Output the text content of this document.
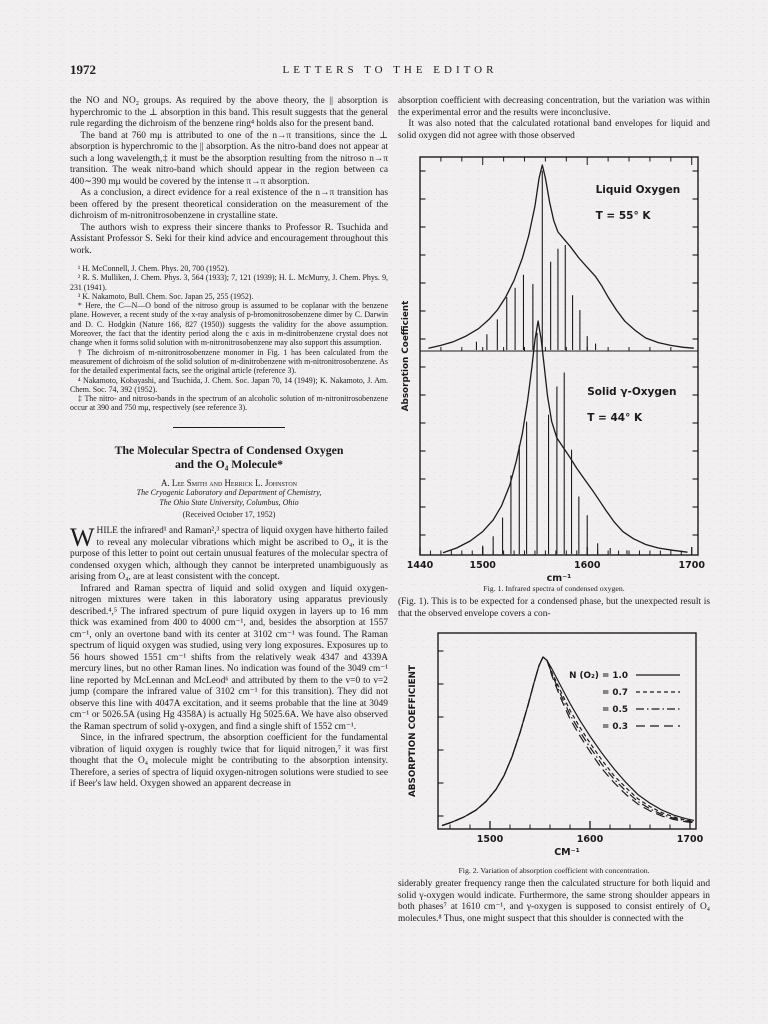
1972	LETTERS TO THE EDITOR

the NO and NO₂ groups. As required by the above theory, the || absorption is hyperchromic to the ⊥ absorption in this band. This result suggests that the general rule regarding the dichroism of the benzene ring⁴ holds also for the present band.

The band at 760 mμ is attributed to one of the n→π transitions, since the ⊥ absorption is hyperchromic to the || absorption. As the nitro-band does not appear at such a long wavelength,‡ it must be the absorption resulting from the nitroso n→π transition. The weak nitro-band which should appear in the region between ca 400∼390 mμ would be covered by the intense π→π absorption.

As a conclusion, a direct evidence for a real existence of the n→π transition has been offered by the present theoretical consideration on the measurement of the dichroism of m-nitronitrosobenzene in crystalline state.

The authors wish to express their sincere thanks to Professor R. Tsuchida and Assistant Professor S. Seki for their kind advice and encouragement throughout this work.

¹ H. McConnell, J. Chem. Phys. 20, 700 (1952).

² R. S. Mulliken, J. Chem. Phys. 3, 564 (1933); 7, 121 (1939); H. L. McMurry, J. Chem. Phys. 9, 231 (1941).

³ K. Nakamoto, Bull. Chem. Soc. Japan 25, 255 (1952).

* Here, the C—N—O bond of the nitroso group is assumed to be coplanar with the benzene plane. However, a recent study of the x-ray analysis of p-bromonitrosobenzene dimer by C. Darwin and D. C. Hodgkin (Nature 166, 827 (1950)) suggests the validity for the above assumption. Moreover, the fact that the identity period along the c axis in m-dinitrobenzene crystal does not change when it forms solid solution with m-nitronitrosobenzene may also support this assumption.

† The dichroism of m-nitronitrosobenzene monomer in Fig. 1 has been calculated from the measurement of dichroism of the solid solution of m-dinitrobenzene with m-nitronitrosobenzene. As for the detailed experimental facts, see the original article (reference 3).

⁴ Nakamoto, Kobayashi, and Tsuchida, J. Chem. Soc. Japan 70, 14 (1949); K. Nakamoto, J. Am. Chem. Soc. 74, 392 (1952).

‡ The nitro- and nitroso-bands in the spectrum of an alcoholic solution of m-nitronitrosobenzene occur at 390 and 750 mμ, respectively (see reference 3).

The Molecular Spectra of Condensed Oxygen
and the O₄ Molecule*
A. Lee Smith and Herrick L. Johnston
The Cryogenic Laboratory and Department of Chemistry,
The Ohio State University, Columbus, Ohio
(Received October 17, 1952)

WHILE the infrared¹ and Raman²,³ spectra of liquid oxygen have hitherto failed to reveal any molecular vibrations which might be ascribed to O₄, it is the purpose of this letter to point out certain unusual features of the molecular spectra of condensed oxygen which, although they cannot be interpreted unambiguously as arising from O₄, are at least consistent with the concept.

Infrared and Raman spectra of liquid and solid oxygen and liquid oxygen-nitrogen mixtures were taken in this laboratory using apparatus previously described.⁴,⁵ The infrared spectrum of pure liquid oxygen in layers up to 16 mm thick was examined from 400 to 4000 cm⁻¹, and, besides the absorption at 1557 cm⁻¹, only an overtone band with its center at 3102 cm⁻¹ was found. The Raman spectrum of liquid oxygen was studied, using very long exposures. Exposures up to 56 hours showed 1551 cm⁻¹ shifts from the relatively weak 4347 and 4339A mercury lines, but no other Raman lines. No indication was found of the 3049 cm⁻¹ line reported by McLennan and McLeod⁶ and attributed by them to the v=0 to v=2 jump (compare the infrared value of 3102 cm⁻¹ for this transition). They did not observe this line with 4047A excitation, and it seems probable that the line at 3049 cm⁻¹ or 5026.5A (using Hg 4358A) is actually Hg 5025.6A. We have also observed the Raman spectrum of solid γ-oxygen, and find a single shift of 1552 cm⁻¹.

Since, in the infrared spectrum, the absorption coefficient for the fundamental vibration of liquid oxygen is roughly twice that for liquid nitrogen,⁷ it was first thought that the O₄ molecule might be contributing to the absorption intensity. Therefore, a series of spectra of liquid oxygen-nitrogen solutions were studied to see if Beer's law held. Oxygen showed an apparent decrease in

absorption coefficient with decreasing concentration, but the variation was within the experimental error and the results were inconclusive.

It was also noted that the calculated rotational band envelopes for liquid and solid oxygen did not agree with those observed

1440	1500	1600	1700
cm⁻¹
Absorption Coefficient
Liquid Oxygen
T = 55° K
Solid γ-Oxygen
T = 44° K
Fig. 1. Infrared spectra of condensed oxygen.

(Fig. 1). This is to be expected for a condensed phase, but the unexpected result is that the observed envelope covers a con-

1500	1600	1700
CM⁻¹
ABSORPTION COEFFICIENT	N (O₂) = 1.0
= 0.7
= 0.5
= 0.3
Fig. 2. Variation of absorption coefficient with concentration.

siderably greater frequency range then the calculated structure for both liquid and solid γ-oxygen would indicate. Furthermore, the same strong shoulder appears in both phases⁷ at 1610 cm⁻¹, and γ-oxygen is supposed to consist entirely of O₄ molecules.⁸ Thus, one might suspect that this shoulder is connected with the
